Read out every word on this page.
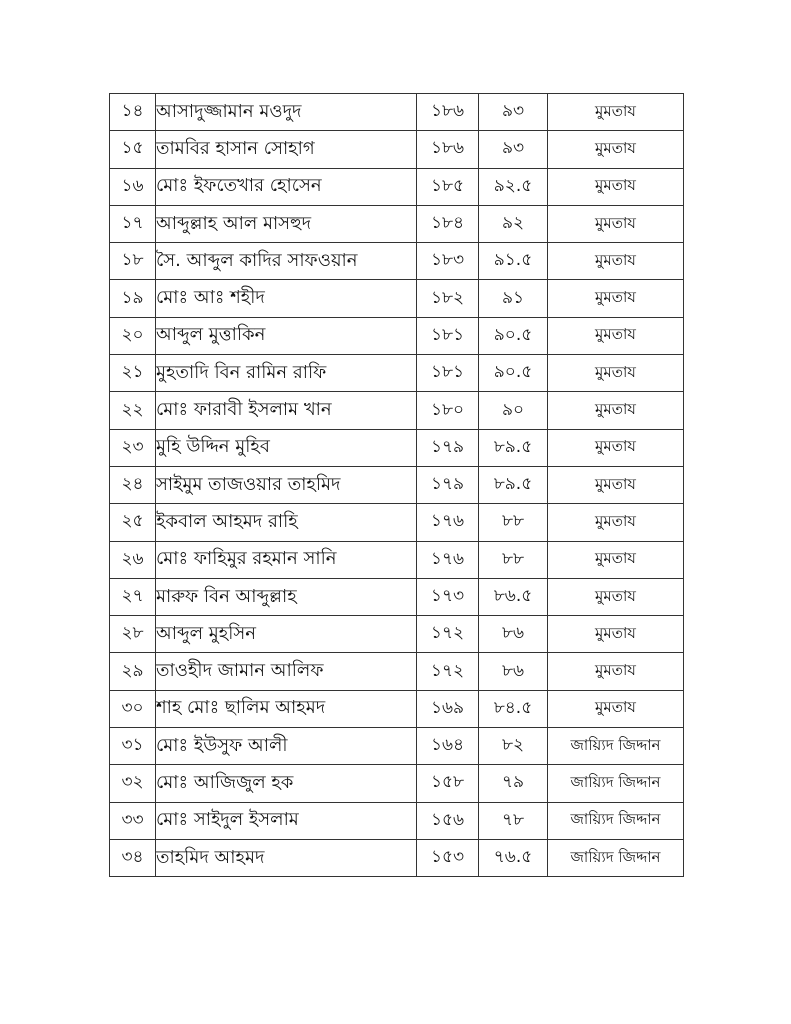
১৪	আসাদুজ্জামান মওদুদ	১৮৬	৯৩	মুমতায
১৫	তামবির হাসান সোহাগ	১৮৬	৯৩	মুমতায
১৬	মোঃ ইফতেখার হোসেন	১৮৫	৯২.৫	মুমতায
১৭	আব্দুল্লাহ আল মাসহুদ	১৮৪	৯২	মুমতায
১৮	সৈ. আব্দুল কাদির সাফওয়ান	১৮৩	৯১.৫	মুমতায
১৯	মোঃ আঃ শহীদ	১৮২	৯১	মুমতায
২০	আব্দুল মুত্তাকিন	১৮১	৯০.৫	মুমতায
২১	মুহতাদি বিন রামিন রাফি	১৮১	৯০.৫	মুমতায
২২	মোঃ ফারাবী ইসলাম খান	১৮০	৯০	মুমতায
২৩	মুহি উদ্দিন মুহিব	১৭৯	৮৯.৫	মুমতায
২৪	সাইমুম তাজওয়ার তাহমিদ	১৭৯	৮৯.৫	মুমতায
২৫	ইকবাল আহমদ রাহি	১৭৬	৮৮	মুমতায
২৬	মোঃ ফাহিমুর রহমান সানি	১৭৬	৮৮	মুমতায
২৭	মারুফ বিন আব্দুল্লাহ	১৭৩	৮৬.৫	মুমতায
২৮	আব্দুল মুহসিন	১৭২	৮৬	মুমতায
২৯	তাওহীদ জামান আলিফ	১৭২	৮৬	মুমতায
৩০	শাহ মোঃ ছালিম আহমদ	১৬৯	৮৪.৫	মুমতায
৩১	মোঃ ইউসুফ আলী	১৬৪	৮২	জায়্যিদ জিদ্দান
৩২	মোঃ আজিজুল হক	১৫৮	৭৯	জায়্যিদ জিদ্দান
৩৩	মোঃ সাইদুল ইসলাম	১৫৬	৭৮	জায়্যিদ জিদ্দান
৩৪	তাহমিদ আহমদ	১৫৩	৭৬.৫	জায়্যিদ জিদ্দান
